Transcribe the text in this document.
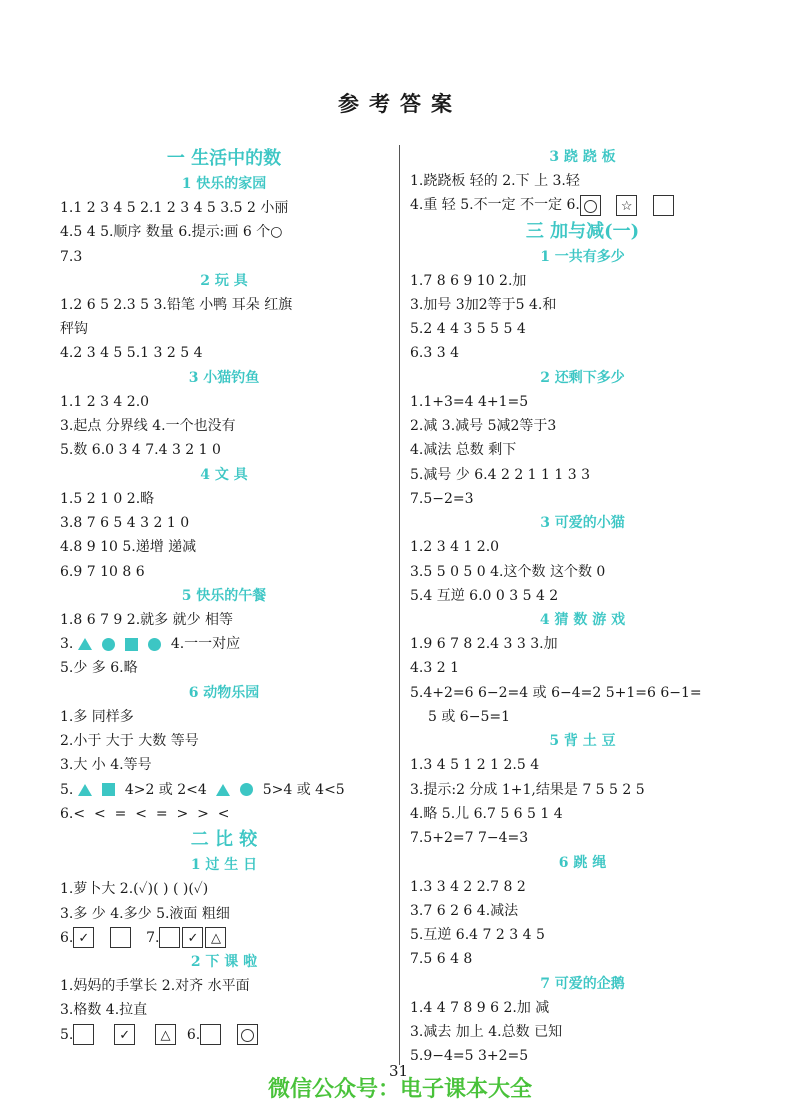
参考答案
一 生活中的数
1 快乐的家园
1.1 2 3 4 5 2.1 2 3 4 5 3.5 2 小丽
4.5 4 5.顺序 数量 6.提示:画 6 个○
7.3
2 玩 具
1.2 6 5 2.3 5 3.铅笔 小鸭 耳朵 红旗
秤钩
4.2 3 4 5 5.1 3 2 5 4
3 小猫钓鱼
1.1 2 3 4 2.0
3.起点 分界线 4.一个也没有
5.数 6.0 3 4 7.4 3 2 1 0
4 文 具
1.5 2 1 0 2.略
3.8 7 6 5 4 3 2 1 0
4.8 9 10 5.递增 递减
6.9 7 10 8 6
5 快乐的午餐
1.8 6 7 9 2.就多 就少 相等
3.	4.一一对应
5.少 多 6.略
6 动物乐园
1.多 同样多
2.小于 大于 大数 等号
3.大 小 4.等号
5.	4>2 或 2<4	5>4 或 4<5
6.<  <  =  <  =  >  >  <
二 比 较
1 过 生 日
1.萝卜大 2.(✓)( ) ( )(✓)
3.多 少 4.多少 5.液面 粗细
6. ✓	7. ✓ △
2 下 课 啦
1.妈妈的手掌长 2.对齐 水平面
3.格数 4.拉直
5.	✓ △ 6.
3 跷 跷 板
1.跷跷板 轻的 2.下 上 3.轻
4.重 轻 5.不一定 不一定 6.	☆
三 加与减(一)
1 一共有多少
1.7 8 6 9 10 2.加
3.加号 3加2等于5 4.和
5.2 4 4 3 5 5 5 4
6.3 3 4
2 还剩下多少
1.1+3=4 4+1=5
2.减 3.减号 5减2等于3
4.减法 总数 剩下
5.减号 少 6.4 2 2 1 1 1 3 3
7.5−2=3
3 可爱的小猫
1.2 3 4 1 2.0
3.5 5 0 5 0 4.这个数 这个数 0
5.4 互逆 6.0 0 3 5 4 2
4 猜 数 游 戏
1.9 6 7 8 2.4 3 3 3.加
4.3 2 1
5.4+2=6 6−2=4 或 6−4=2 5+1=6 6−1=
5 或 6−5=1
5 背 土 豆
1.3 4 5 1 2 1 2.5 4
3.提示:2 分成 1+1,结果是 7 5 5 2 5
4.略 5.儿 6.7 5 6 5 1 4
7.5+2=7 7−4=3
6 跳 绳
1.3 3 4 2 2.7 8 2
3.7 6 2 6 4.减法
5.互逆 6.4 7 2 3 4 5
7.5 6 4 8
7 可爱的企鹅
1.4 4 7 8 9 6 2.加 减
3.减去 加上 4.总数 已知
5.9−4=5 3+2=5
31
微信公众号：电子课本大全
